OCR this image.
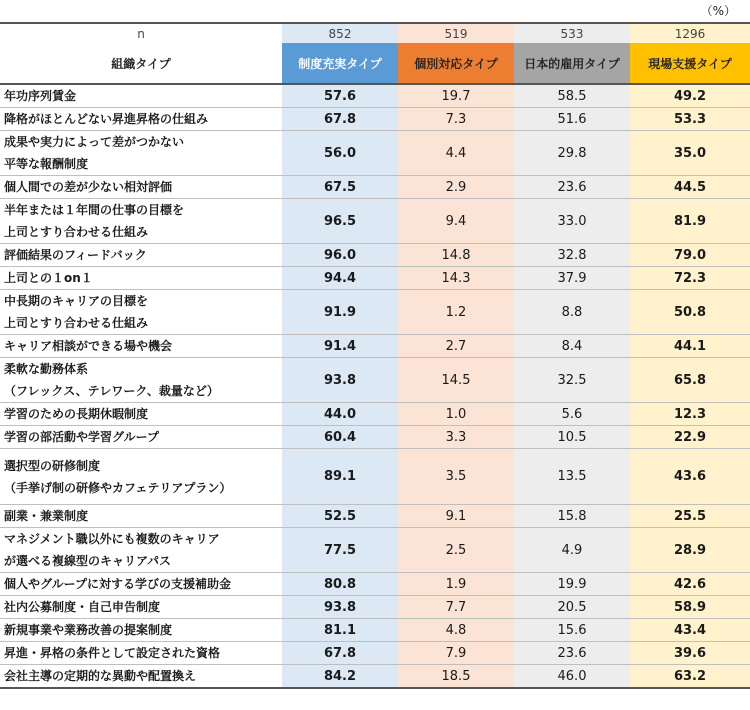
（%）
n	852	519	533	1296
組織タイプ	制度充実タイプ	個別対応タイプ	日本的雇用タイプ	現場支援タイプ
年功序列賃金	57.6	19.7	58.5	49.2
降格がほとんどない昇進昇格の仕組み	67.8	7.3	51.6	53.3
成果や実力によって差がつかない
平等な報酬制度	56.0	4.4	29.8	35.0
個人間での差が少ない相対評価	67.5	2.9	23.6	44.5
半年または１年間の仕事の目標を
上司とすり合わせる仕組み	96.5	9.4	33.0	81.9
評価結果のフィードバック	96.0	14.8	32.8	79.0
上司との１on１	94.4	14.3	37.9	72.3
中長期のキャリアの目標を
上司とすり合わせる仕組み	91.9	1.2	8.8	50.8
キャリア相談ができる場や機会	91.4	2.7	8.4	44.1
柔軟な勤務体系
（フレックス、テレワーク、裁量など）	93.8	14.5	32.5	65.8
学習のための長期休暇制度	44.0	1.0	5.6	12.3
学習の部活動や学習グループ	60.4	3.3	10.5	22.9
選択型の研修制度
（手挙げ制の研修やカフェテリアプラン）	89.1	3.5	13.5	43.6
副業・兼業制度	52.5	9.1	15.8	25.5
マネジメント職以外にも複数のキャリア
が選べる複線型のキャリアパス	77.5	2.5	4.9	28.9
個人やグループに対する学びの支援補助金	80.8	1.9	19.9	42.6
社内公募制度・自己申告制度	93.8	7.7	20.5	58.9
新規事業や業務改善の提案制度	81.1	4.8	15.6	43.4
昇進・昇格の条件として設定された資格	67.8	7.9	23.6	39.6
会社主導の定期的な異動や配置換え	84.2	18.5	46.0	63.2
